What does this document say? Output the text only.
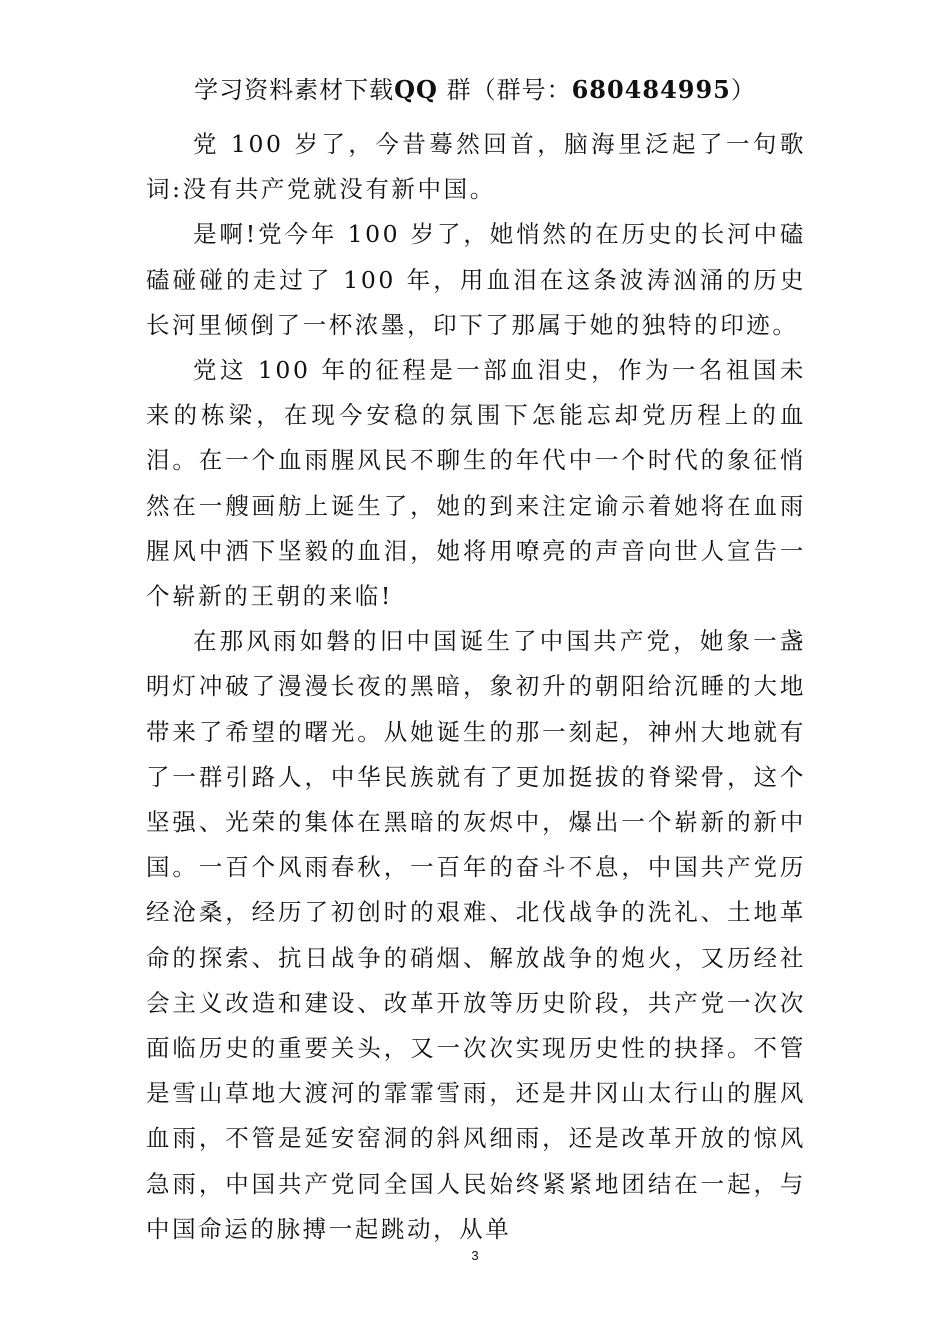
学习资料素材下载QQ 群（群号：680484995）

党 100 岁了，今昔蓦然回首，脑海里泛起了一句歌词:没有共产党就没有新中国。

是啊!党今年 100 岁了，她悄然的在历史的长河中磕磕碰碰的走过了 100 年，用血泪在这条波涛汹涌的历史长河里倾倒了一杯浓墨，印下了那属于她的独特的印迹。

党这 100 年的征程是一部血泪史，作为一名祖国未来的栋梁，在现今安稳的氛围下怎能忘却党历程上的血泪。在一个血雨腥风民不聊生的年代中一个时代的象征悄然在一艘画舫上诞生了，她的到来注定谕示着她将在血雨腥风中洒下坚毅的血泪，她将用嘹亮的声音向世人宣告一个崭新的王朝的来临!

在那风雨如磐的旧中国诞生了中国共产党，她象一盏明灯冲破了漫漫长夜的黑暗，象初升的朝阳给沉睡的大地带来了希望的曙光。从她诞生的那一刻起，神州大地就有了一群引路人，中华民族就有了更加挺拔的脊梁骨，这个坚强、光荣的集体在黑暗的灰烬中，爆出一个崭新的新中国。一百个风雨春秋，一百年的奋斗不息，中国共产党历经沧桑，经历了初创时的艰难、北伐战争的洗礼、土地革命的探索、抗日战争的硝烟、解放战争的炮火，又历经社会主义改造和建设、改革开放等历史阶段，共产党一次次面临历史的重要关头，又一次次实现历史性的抉择。不管是雪山草地大渡河的霏霏雪雨，还是井冈山太行山的腥风血雨，不管是延安窑洞的斜风细雨，还是改革开放的惊风急雨，中国共产党同全国人民始终紧紧地团结在一起，与中国命运的脉搏一起跳动，从单

3
